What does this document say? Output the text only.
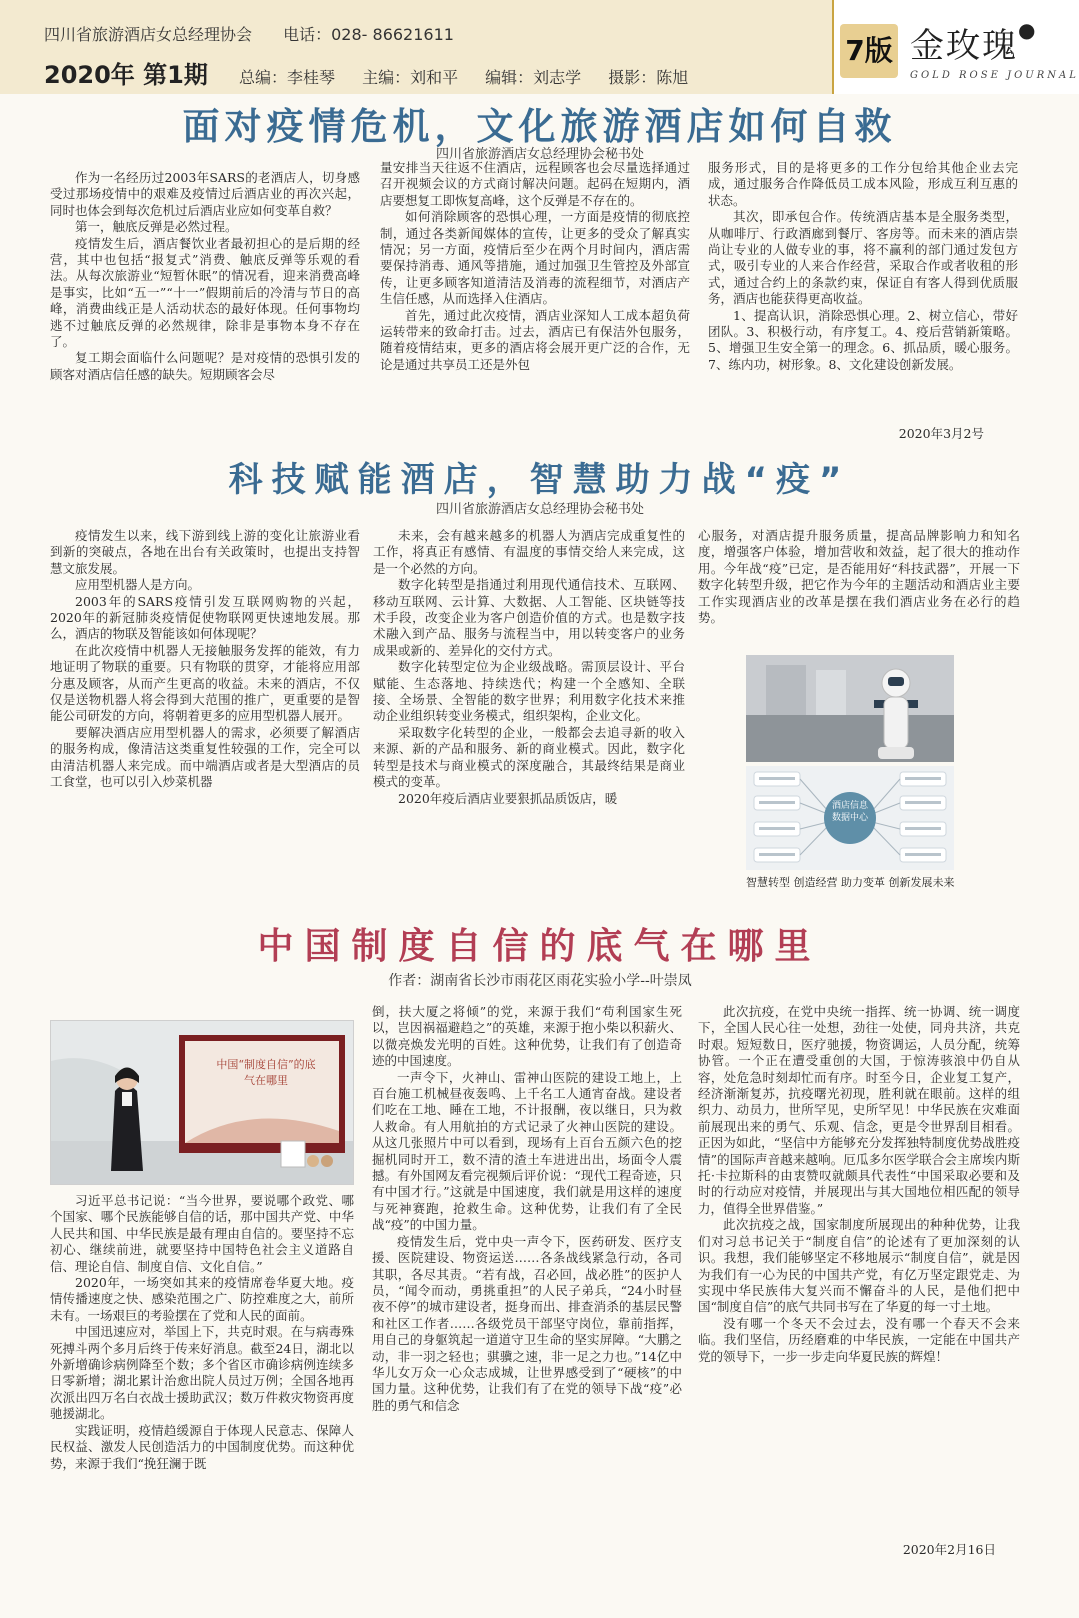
四川省旅游酒店女总经理协会 电话：028- 86621611
2020年 第1期 总编：李桂琴 主编：刘和平 编辑：刘志学 摄影：陈旭
7版 金玫瑰●
GOLD ROSE JOURNAL
面对疫情危机，文化旅游酒店如何自救
四川省旅游酒店女总经理协会秘书处

作为一名经历过2003年SARS的老酒店人，切身感受过那场疫情中的艰难及疫情过后酒店业的再次兴起，同时也体会到每次危机过后酒店业应如何变革自救？

第一，触底反弹是必然过程。

疫情发生后，酒店餐饮业者最初担心的是后期的经营，其中也包括“报复式”消费、触底反弹等乐观的看法。从每次旅游业“短暂休眠”的情况看，迎来消费高峰是事实，比如“五一”“十一”假期前后的冷清与节日的高峰，消费曲线正是人活动状态的最好体现。任何事物均逃不过触底反弹的必然规律，除非是事物本身不存在了。

复工期会面临什么问题呢？是对疫情的恐惧引发的顾客对酒店信任感的缺失。短期顾客会尽

量安排当天往返不住酒店，远程顾客也会尽量选择通过召开视频会议的方式商讨解决问题。起码在短期内，酒店要想复工即恢复高峰，这个反弹是不存在的。

如何消除顾客的恐惧心理，一方面是疫情的彻底控制，通过各类新闻媒体的宣传，让更多的受众了解真实情况；另一方面，疫情后至少在两个月时间内，酒店需要保持消毒、通风等措施，通过加强卫生管控及外部宣传，让更多顾客知道清洁及消毒的流程细节，对酒店产生信任感，从而选择入住酒店。

首先，通过此次疫情，酒店业深知人工成本超负荷运转带来的致命打击。过去，酒店已有保洁外包服务，随着疫情结束，更多的酒店将会展开更广泛的合作，无论是通过共享员工还是外包

服务形式，目的是将更多的工作分包给其他企业去完成，通过服务合作降低员工成本风险，形成互利互惠的状态。

其次，即承包合作。传统酒店基本是全服务类型，从咖啡厅、行政酒廊到餐厅、客房等。而未来的酒店崇尚让专业的人做专业的事，将不赢利的部门通过发包方式，吸引专业的人来合作经营，采取合作或者收租的形式，通过合约上的条款约束，保证自有客人得到优质服务，酒店也能获得更高收益。

1、提高认识，消除恐惧心理。2、树立信心，带好团队。3、积极行动，有序复工。4、疫后营销新策略。5、增强卫生安全第一的理念。6、抓品质，暖心服务。7、练内功，树形象。8、文化建设创新发展。

2020年3月2号
科技赋能酒店，智慧助力战“疫”
四川省旅游酒店女总经理协会秘书处

疫情发生以来，线下游到线上游的变化让旅游业看到新的突破点，各地在出台有关政策时，也提出支持智慧文旅发展。

应用型机器人是方向。

2003年的SARS疫情引发互联网购物的兴起，2020年的新冠肺炎疫情促使物联网更快速地发展。那么，酒店的物联及智能该如何体现呢？

在此次疫情中机器人无接触服务发挥的能效，有力地证明了物联的重要。只有物联的贯穿，才能将应用部分惠及顾客，从而产生更高的收益。未来的酒店，不仅仅是送物机器人将会得到大范围的推广，更重要的是智能公司研发的方向，将朝着更多的应用型机器人展开。

要解决酒店应用型机器人的需求，必须要了解酒店的服务构成，像清洁这类重复性较强的工作，完全可以由清洁机器人来完成。而中端酒店或者是大型酒店的员工食堂，也可以引入炒菜机器

未来，会有越来越多的机器人为酒店完成重复性的工作，将真正有感情、有温度的事情交给人来完成，这是一个必然的方向。

数字化转型是指通过利用现代通信技术、互联网、移动互联网、云计算、大数据、人工智能、区块链等技术手段，改变企业为客户创造价值的方式。也是数字技术融入到产品、服务与流程当中，用以转变客户的业务成果或新的、差异化的交付方式。

数字化转型定位为企业级战略。需顶层设计、平台赋能、生态落地、持续迭代；构建一个全感知、全联接、全场景、全智能的数字世界；利用数字化技术来推动企业组织转变业务模式，组织架构，企业文化。

采取数字化转型的企业，一般都会去追寻新的收入来源、新的产品和服务、新的商业模式。因此，数字化转型是技术与商业模式的深度融合，其最终结果是商业模式的变革。

2020年疫后酒店业要狠抓品质饭店，暖

心服务，对酒店提升服务质量，提高品牌影响力和知名度，增强客户体验，增加营收和效益，起了很大的推动作用。今年战“疫”已定，是否能用好“科技武器”，开展一下数字化转型升级，把它作为今年的主题活动和酒店业主要工作实现酒店业的改革是摆在我们酒店业务在必行的趋势。

酒店信息数据中心
智慧转型 创造经营 助力变革 创新发展未来
中国制度自信的底气在哪里
作者：湖南省长沙市雨花区雨花实验小学--叶崇凤
中国“制度自信”的底气在哪里

习近平总书记说：“当今世界，要说哪个政党、哪个国家、哪个民族能够自信的话，那中国共产党、中华人民共和国、中华民族是最有理由自信的。要坚持不忘初心、继续前进，就要坚持中国特色社会主义道路自信、理论自信、制度自信、文化自信。”

2020年，一场突如其来的疫情席卷华夏大地。疫情传播速度之快、感染范围之广、防控难度之大，前所未有。一场艰巨的考验摆在了党和人民的面前。

中国迅速应对，举国上下，共克时艰。在与病毒殊死搏斗两个多月后终于传来好消息。截至24日，湖北以外新增确诊病例降至个数；多个省区市确诊病例连续多日零新增；湖北累计治愈出院人员过万例；全国各地再次派出四万名白衣战士援助武汉；数万件救灾物资再度驰援湖北。

实践证明，疫情趋缓源自于体现人民意志、保障人民权益、激发人民创造活力的中国制度优势。而这种优势，来源于我们“挽狂澜于既

倒，扶大厦之将倾”的党，来源于我们“苟利国家生死以，岂因祸福避趋之”的英雄，来源于抱小柴以积薪火、以微亮焕发光明的百姓。这种优势，让我们有了创造奇迹的中国速度。

一声令下，火神山、雷神山医院的建设工地上，上百台施工机械昼夜轰鸣、上千名工人通宵奋战。建设者们吃在工地、睡在工地，不计报酬，夜以继日，只为救人救命。有人用航拍的方式记录了火神山医院的建设。从这几张照片中可以看到，现场有上百台五颜六色的挖掘机同时开工，数不清的渣土车进进出出，场面令人震撼。有外国网友看完视频后评价说：“现代工程奇迹，只有中国才行。”这就是中国速度，我们就是用这样的速度与死神赛跑，抢救生命。这种优势，让我们有了全民战“疫”的中国力量。

疫情发生后，党中央一声令下，医药研发、医疗支援、医院建设、物资运送……各条战线紧急行动，各司其职，各尽其责。“若有战，召必回，战必胜”的医护人员，“闻令而动，勇挑重担”的人民子弟兵，“24小时昼夜不停”的城市建设者，挺身而出、排查消杀的基层民警和社区工作者……各级党员干部坚守岗位，靠前指挥，用自己的身躯筑起一道道守卫生命的坚实屏障。“大鹏之动，非一羽之轻也；骐骥之速，非一足之力也。”14亿中华儿女万众一心众志成城，让世界感受到了“硬核”的中国力量。这种优势，让我们有了在党的领导下战“疫”必胜的勇气和信念

此次抗疫，在党中央统一指挥、统一协调、统一调度下，全国人民心往一处想，劲往一处使，同舟共济，共克时艰。短短数日，医疗驰援，物资调运，人员分配，统筹协管。一个正在遭受重创的大国，于惊涛骇浪中仍自从容，处危急时刻却忙而有序。时至今日，企业复工复产，经济渐渐复苏，抗疫曙光初现，胜利就在眼前。这样的组织力、动员力，世所罕见，史所罕见！中华民族在灾难面前展现出来的勇气、乐观、信念，更是令世界刮目相看。正因为如此，“坚信中方能够充分发挥独特制度优势战胜疫情”的国际声音越来越响。厄瓜多尔医学联合会主席埃内斯托·卡拉斯科的由衷赞叹就颇具代表性“中国采取必要和及时的行动应对疫情，并展现出与其大国地位相匹配的领导力，值得全世界借鉴。”

此次抗疫之战，国家制度所展现出的种种优势，让我们对习总书记关于“制度自信”的论述有了更加深刻的认识。我想，我们能够坚定不移地展示“制度自信”，就是因为我们有一心为民的中国共产党，有亿万坚定跟党走、为实现中华民族伟大复兴而不懈奋斗的人民，是他们把中国“制度自信”的底气共同书写在了华夏的每一寸土地。

没有哪一个冬天不会过去，没有哪一个春天不会来临。我们坚信，历经磨难的中华民族，一定能在中国共产党的领导下，一步一步走向华夏民族的辉煌！

2020年2月16日
